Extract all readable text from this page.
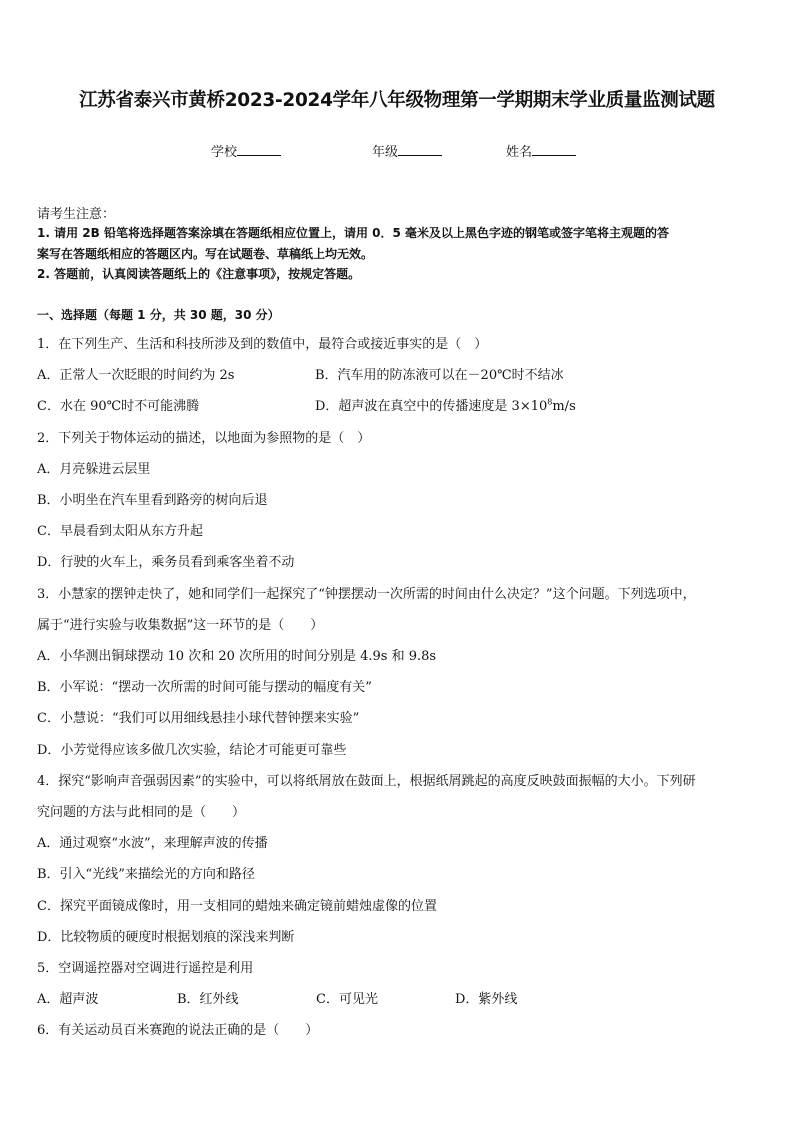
江苏省泰兴市黄桥2023-2024学年八年级物理第一学期期末学业质量监测试题
学校	年级	姓名
请考生注意：
1. 请用 2B 铅笔将选择题答案涂填在答题纸相应位置上，请用 0．5 毫米及以上黑色字迹的钢笔或签字笔将主观题的答
案写在答题纸相应的答题区内。写在试题卷、草稿纸上均无效。
2. 答题前，认真阅读答题纸上的《注意事项》，按规定答题。
一、选择题（每题 1 分，共 30 题，30 分）
1．在下列生产、生活和科技所涉及到的数值中，最符合或接近事实的是（　）
A．正常人一次眨眼的时间约为 2s	B．汽车用的防冻液可以在－20℃时不结冰
C．水在 90℃时不可能沸腾	D．超声波在真空中的传播速度是 $3\times 10^8m/s$
2．下列关于物体运动的描述，以地面为参照物的是（　）
A．月亮躲进云层里
B．小明坐在汽车里看到路旁的树向后退
C．早晨看到太阳从东方升起
D．行驶的火车上，乘务员看到乘客坐着不动
3．小慧家的摆钟走快了，她和同学们一起探究了“钟摆摆动一次所需的时间由什么决定？”这个问题。下列选项中，
属于“进行实验与收集数据”这一环节的是（　　）
A．小华测出铜球摆动 10 次和 20 次所用的时间分别是 4.9s 和 9.8s
B．小军说：“摆动一次所需的时间可能与摆动的幅度有关”
C．小慧说：“我们可以用细线悬挂小球代替钟摆来实验”
D．小芳觉得应该多做几次实验，结论才可能更可靠些
4．探究“影响声音强弱因素”的实验中，可以将纸屑放在鼓面上，根据纸屑跳起的高度反映鼓面振幅的大小。下列研
究问题的方法与此相同的是（　　）
A．通过观察“水波”，来理解声波的传播
B．引入“光线”来描绘光的方向和路径
C．探究平面镜成像时，用一支相同的蜡烛来确定镜前蜡烛虚像的位置
D．比较物质的硬度时根据划痕的深浅来判断
5．空调遥控器对空调进行遥控是利用
A．超声波	B．红外线	C．可见光	D．紫外线
6．有关运动员百米赛跑的说法正确的是（　　）
